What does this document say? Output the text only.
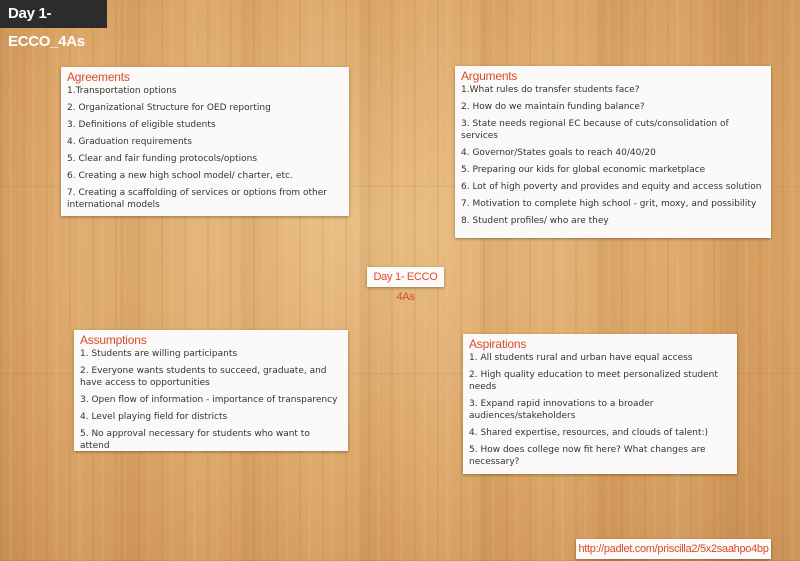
Day 1-ECCO_4As
Agreements
1.Transportation options
2. Organizational Structure for OED reporting
3. Definitions of eligible students
4. Graduation requirements
5. Clear and fair funding protocols/options
6. Creating a new high school model/ charter, etc.
7. Creating a scaffolding of services or options from other international models
Arguments
1.What rules do transfer students face?
2. How do we maintain funding balance?
3. State needs regional EC because of cuts/consolidation of services
4. Governor/States goals to reach 40/40/20
5. Preparing our kids for global economic marketplace
6. Lot of high poverty and provides and equity and access solution
7. Motivation to complete high school - grit, moxy, and possibility
8. Student profiles/ who are they
Day 1- ECCO 4As
Assumptions
1. Students are willing participants
2. Everyone wants students to succeed, graduate, and have access to opportunities
3. Open flow of information - importance of transparency
4. Level playing field for districts
5. No approval necessary for students who want to attend
Aspirations
1. All students rural and urban have equal access
2. High quality education to meet personalized student needs
3. Expand rapid innovations to a broader audiences/stakeholders
4. Shared expertise, resources, and clouds of talent:)
5. How does college now fit here? What changes are necessary?
http://padlet.com/priscilla2/5x2saahpo4bp
